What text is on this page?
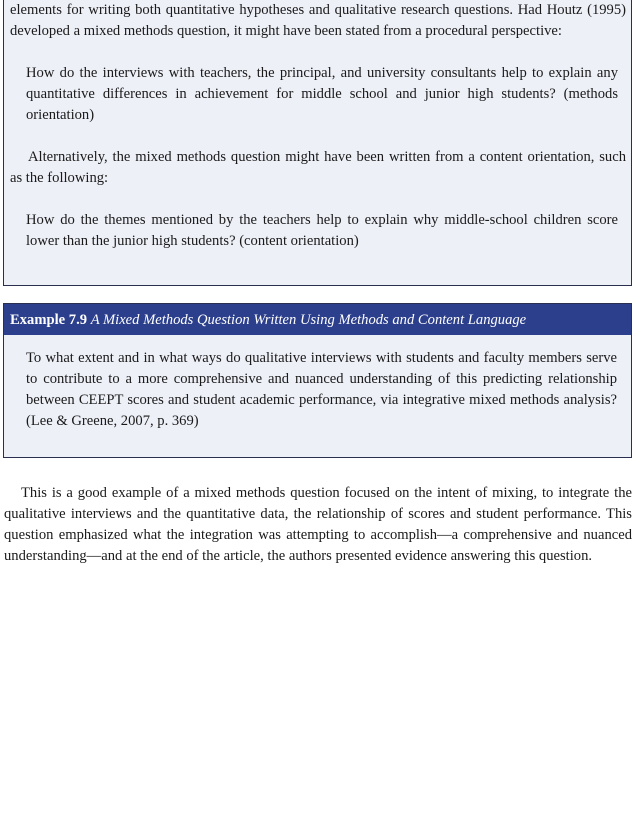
elements for writing both quantitative hypotheses and qualitative research questions. Had Houtz (1995) developed a mixed methods question, it might have been stated from a procedural perspective:

How do the interviews with teachers, the principal, and university consultants help to explain any quantitative differences in achievement for middle school and junior high students? (methods orientation)

Alternatively, the mixed methods question might have been written from a content orientation, such as the following:

How do the themes mentioned by the teachers help to explain why middle-school children score lower than the junior high students? (content orientation)

Example 7.9 A Mixed Methods Question Written Using Methods and Content Language

To what extent and in what ways do qualitative interviews with students and faculty members serve to contribute to a more comprehensive and nuanced understanding of this predicting relationship between CEEPT scores and student academic performance, via integrative mixed methods analysis? (Lee & Greene, 2007, p. 369)

This is a good example of a mixed methods question focused on the intent of mixing, to integrate the qualitative interviews and the quantitative data, the relationship of scores and student performance. This question emphasized what the integration was attempting to accomplish—a comprehensive and nuanced understanding—and at the end of the article, the authors presented evidence answering this question.
